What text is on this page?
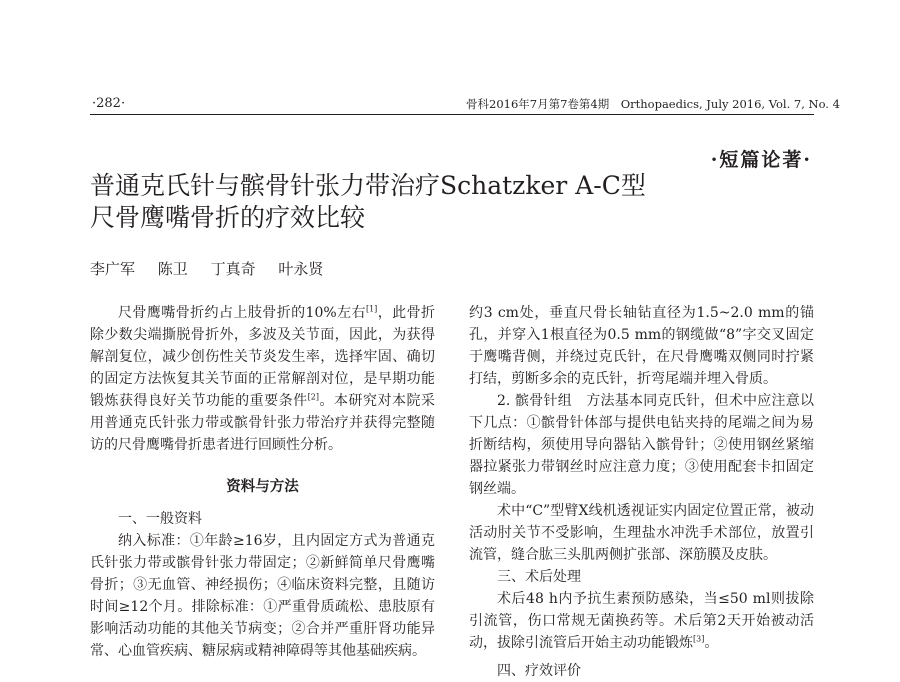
·282·	骨科2016年7月第7卷第4期　Orthopaedics, July 2016, Vol. 7, No. 4
·短篇论著·
普通克氏针与髌骨针张力带治疗Schatzker A-C型
尺骨鹰嘴骨折的疗效比较
李广军 陈卫 丁真奇 叶永贤

尺骨鹰嘴骨折约占上肢骨折的10%左右[1]，此骨折除少数尖端撕脱骨折外，多波及关节面，因此，为获得解剖复位，减少创伤性关节炎发生率，选择牢固、确切的固定方法恢复其关节面的正常解剖对位，是早期功能锻炼获得良好关节功能的重要条件[2]。本研究对本院采用普通克氏针张力带或髌骨针张力带治疗并获得完整随访的尺骨鹰嘴骨折患者进行回顾性分析。

资料与方法

一、一般资料

纳入标准：①年龄≥16岁，且内固定方式为普通克氏针张力带或髌骨针张力带固定；②新鲜简单尺骨鹰嘴骨折；③无血管、神经损伤；④临床资料完整，且随访时间≥12个月。排除标准：①严重骨质疏松、患肢原有影响活动功能的其他关节病变；②合并严重肝肾功能异常、心血管疾病、糖尿病或精神障碍等其他基础疾病。

约3 cm处，垂直尺骨长轴钻直径为1.5~2.0 mm的锚孔，并穿入1根直径为0.5 mm的钢缆做“8”字交叉固定于鹰嘴背侧，并绕过克氏针，在尺骨鹰嘴双侧同时拧紧打结，剪断多余的克氏针，折弯尾端并埋入骨质。

2. 髌骨针组　方法基本同克氏针，但术中应注意以下几点：①髌骨针体部与提供电钻夹持的尾端之间为易折断结构，须使用导向器钻入髌骨针；②使用钢丝紧缩器拉紧张力带钢丝时应注意力度；③使用配套卡扣固定钢丝端。

术中“C”型臂X线机透视证实内固定位置正常，被动活动肘关节不受影响，生理盐水冲洗手术部位，放置引流管，缝合肱三头肌两侧扩张部、深筋膜及皮肤。

三、术后处理

术后48 h内予抗生素预防感染，当≤50 ml则拔除引流管，伤口常规无菌换药等。术后第2天开始被动活动，拔除引流管后开始主动功能锻炼[3]。

四、疗效评价
